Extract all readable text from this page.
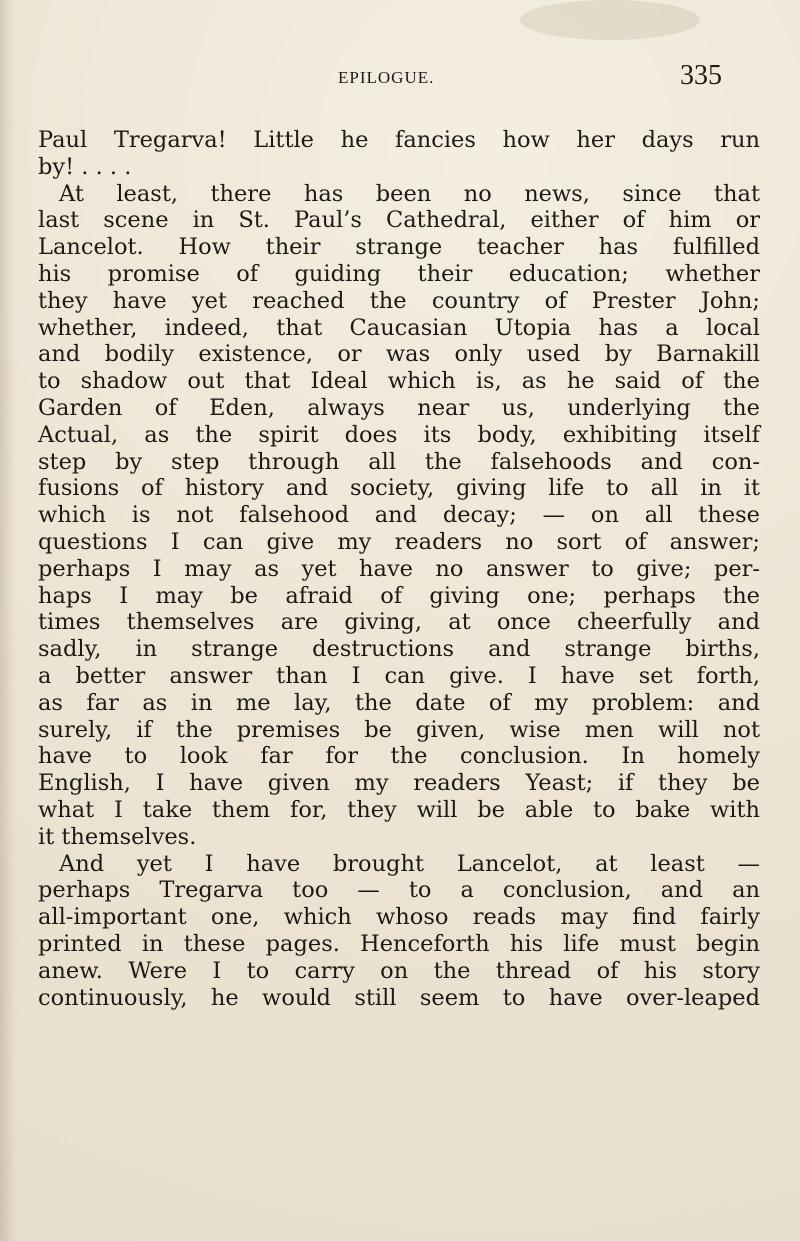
EPILOGUE.	335
Paul Tregarva! Little he fancies how her days run
by! . . . .
At least, there has been no news, since that
last scene in St. Paul’s Cathedral, either of him or
Lancelot. How their strange teacher has fulfilled
his promise of guiding their education; whether
they have yet reached the country of Prester John;
whether, indeed, that Caucasian Utopia has a local
and bodily existence, or was only used by Barnakill
to shadow out that Ideal which is, as he said of the
Garden of Eden, always near us, underlying the
Actual, as the spirit does its body, exhibiting itself
step by step through all the falsehoods and con-
fusions of history and society, giving life to all in it
which is not falsehood and decay; — on all these
questions I can give my readers no sort of answer;
perhaps I may as yet have no answer to give; per-
haps I may be afraid of giving one; perhaps the
times themselves are giving, at once cheerfully and
sadly, in strange destructions and strange births,
a better answer than I can give. I have set forth,
as far as in me lay, the date of my problem: and
surely, if the premises be given, wise men will not
have to look far for the conclusion. In homely
English, I have given my readers Yeast; if they be
what I take them for, they will be able to bake with
it themselves.
And yet I have brought Lancelot, at least —
perhaps Tregarva too — to a conclusion, and an
all-important one, which whoso reads may find fairly
printed in these pages. Henceforth his life must begin
anew. Were I to carry on the thread of his story
continuously, he would still seem to have over-leaped
